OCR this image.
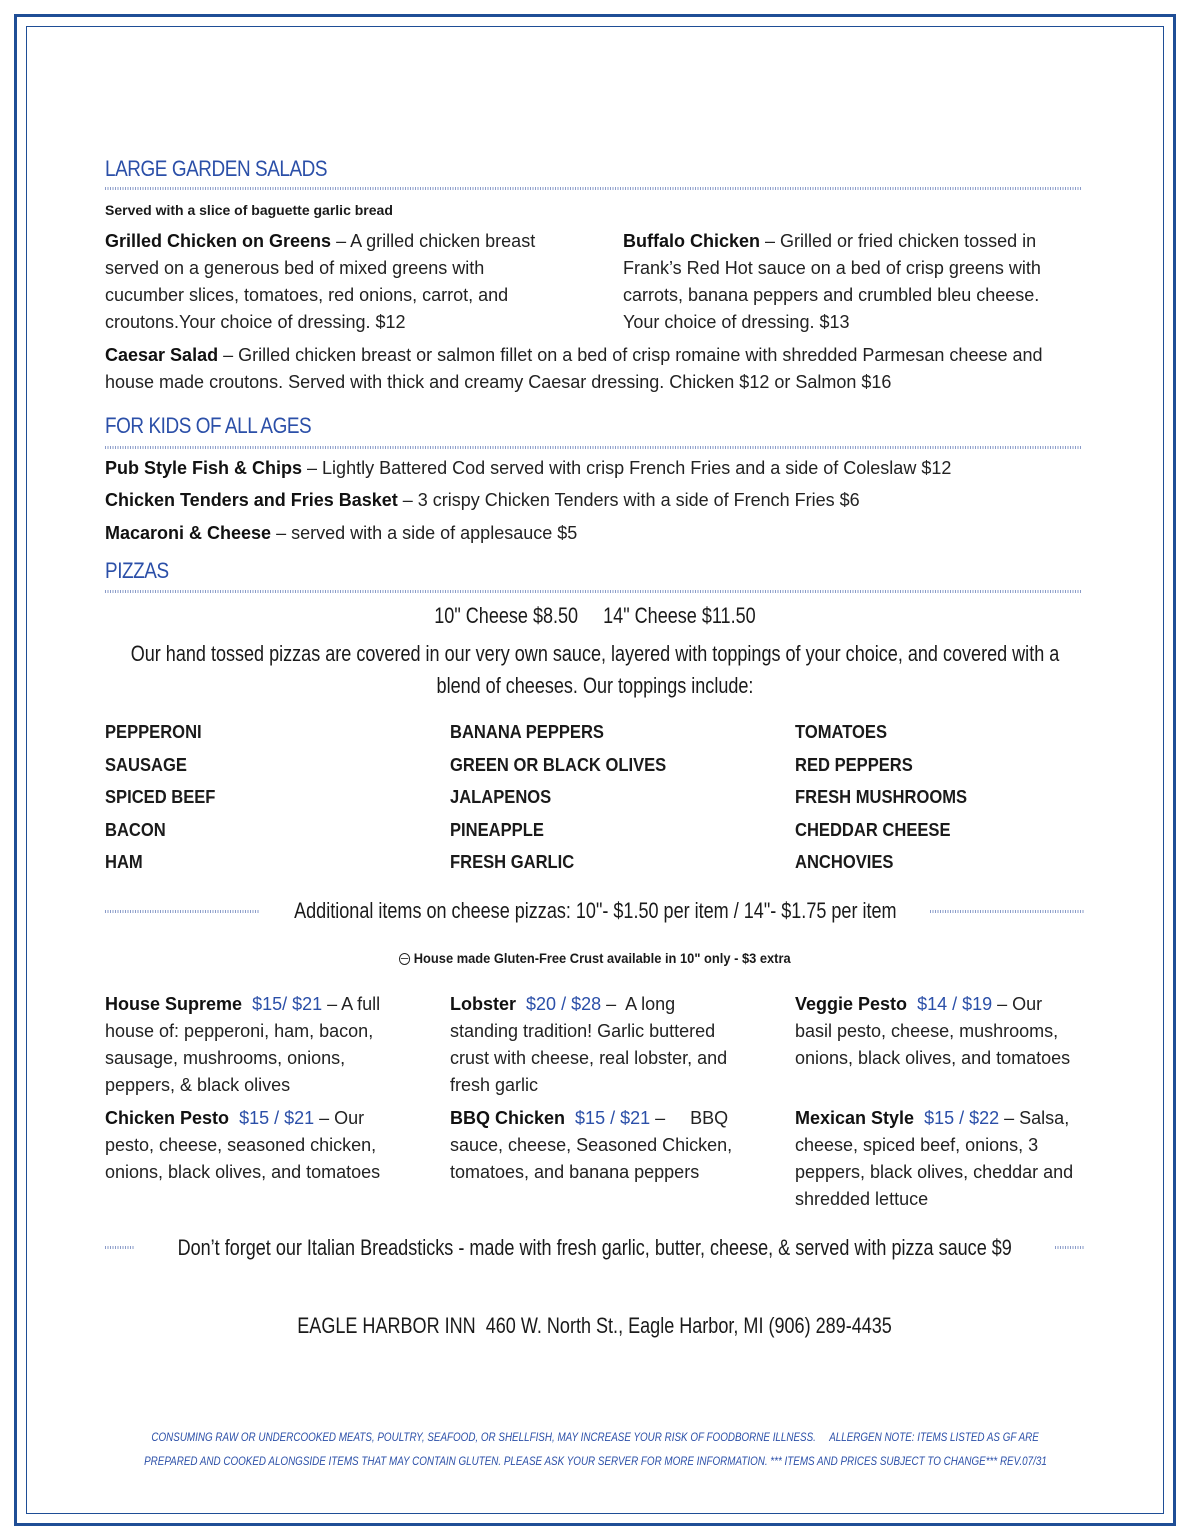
LARGE GARDEN SALADS
Served with a slice of baguette garlic bread
Grilled Chicken on Greens – A grilled chicken breast served on a generous bed of mixed greens with cucumber slices, tomatoes, red onions, carrot, and croutons.Your choice of dressing. $12
Buffalo Chicken – Grilled or fried chicken tossed in Frank’s Red Hot sauce on a bed of crisp greens with carrots, banana peppers and crumbled bleu cheese. Your choice of dressing. $13
Caesar Salad – Grilled chicken breast or salmon fillet on a bed of crisp romaine with shredded Parmesan cheese and house made croutons. Served with thick and creamy Caesar dressing. Chicken $12 or Salmon $16
FOR KIDS OF ALL AGES
Pub Style Fish & Chips – Lightly Battered Cod served with crisp French Fries and a side of Coleslaw $12
Chicken Tenders and Fries Basket – 3 crispy Chicken Tenders with a side of French Fries $6
Macaroni & Cheese – served with a side of applesauce $5
PIZZAS
10" Cheese $8.50     14" Cheese $11.50
Our hand tossed pizzas are covered in our very own sauce, layered with toppings of your choice, and covered with a blend of cheeses. Our toppings include:
PEPPERONI
SAUSAGE
SPICED BEEF
BACON
HAM
BANANA PEPPERS
GREEN OR BLACK OLIVES
JALAPENOS
PINEAPPLE
FRESH GARLIC
TOMATOES
RED PEPPERS
FRESH MUSHROOMS
CHEDDAR CHEESE
ANCHOVIES
Additional items on cheese pizzas: 10"- $1.50 per item / 14"- $1.75 per item
— House made Gluten-Free Crust available in 10" only - $3 extra
House Supreme $15/ $21 – A full house of: pepperoni, ham, bacon, sausage, mushrooms, onions, peppers, & black olives
Lobster $20 / $28 –  A long standing tradition! Garlic buttered crust with cheese, real lobster, and fresh garlic
Veggie Pesto $14 / $19 – Our basil pesto, cheese, mushrooms, onions, black olives, and tomatoes
Chicken Pesto $15 / $21 – Our pesto, cheese, seasoned chicken, onions, black olives, and tomatoes
BBQ Chicken $15 / $21 –     BBQ sauce, cheese, Seasoned Chicken, tomatoes, and banana peppers
Mexican Style $15 / $22 – Salsa, cheese, spiced beef, onions, 3 peppers, black olives, cheddar and shredded lettuce
Don’t forget our Italian Breadsticks - made with fresh garlic, butter, cheese, & served with pizza sauce $9
EAGLE HARBOR INN  460 W. North St., Eagle Harbor, MI (906) 289-4435
CONSUMING RAW OR UNDERCOOKED MEATS, POULTRY, SEAFOOD, OR SHELLFISH, MAY INCREASE YOUR RISK OF FOODBORNE ILLNESS.     ALLERGEN NOTE: ITEMS LISTED AS GF ARE
PREPARED AND COOKED ALONGSIDE ITEMS THAT MAY CONTAIN GLUTEN. PLEASE ASK YOUR SERVER FOR MORE INFORMATION. *** ITEMS AND PRICES SUBJECT TO CHANGE*** REV.07/31
